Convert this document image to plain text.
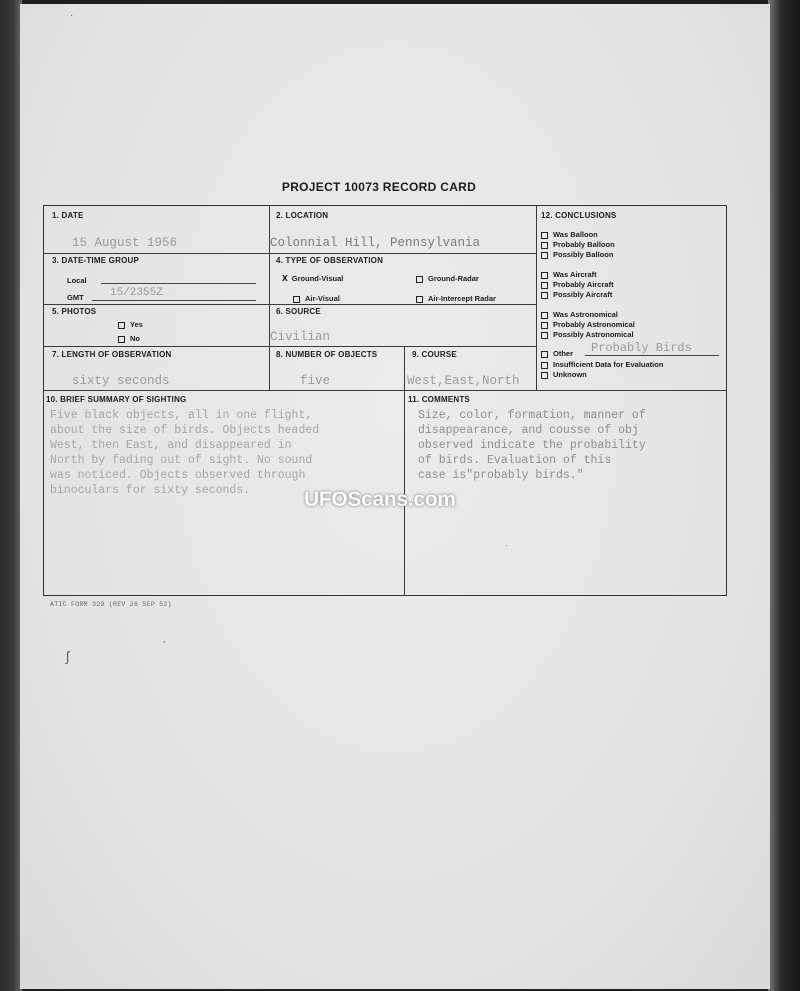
·
PROJECT 10073 RECORD CARD
1. DATE
15 August 1956
2. LOCATION
Colonnial Hill, Pennsylvania
3. DATE-TIME GROUP
Local
GMT 15/2355Z
4. TYPE OF OBSERVATION
X Ground-Visual	Ground-Radar
Air-Visual	Air-Intercept Radar
5. PHOTOS
Yes
No
6. SOURCE
Civilian
7. LENGTH OF OBSERVATION
sixty seconds
8. NUMBER OF OBJECTS
five
9. COURSE
West,East,North
10. BRIEF SUMMARY OF SIGHTING
Five black objects, all in one flight,
about the size of birds. Objects headed
West, then East, and disappeared in
North by fading out of sight. No sound
was noticed. Objects observed through
binoculars for sixty seconds.
11. COMMENTS
Size, color, formation, manner of
disappearance, and cousse of obj
observed indicate the probability
of birds. Evaluation of this
case is"probably birds."
12. CONCLUSIONS
Was Balloon
Probably Balloon
Possibly Balloon
Was Aircraft
Probably Aircraft
Possibly Aircraft
Was Astronomical
Probably Astronomical
Possibly Astronomical
Other Probably Birds
Insufficient Data for Evaluation
Unknown
ATIC FORM 329 (REV 26 SEP 52)
UFOScans.com
ʃ
ʼ
·
